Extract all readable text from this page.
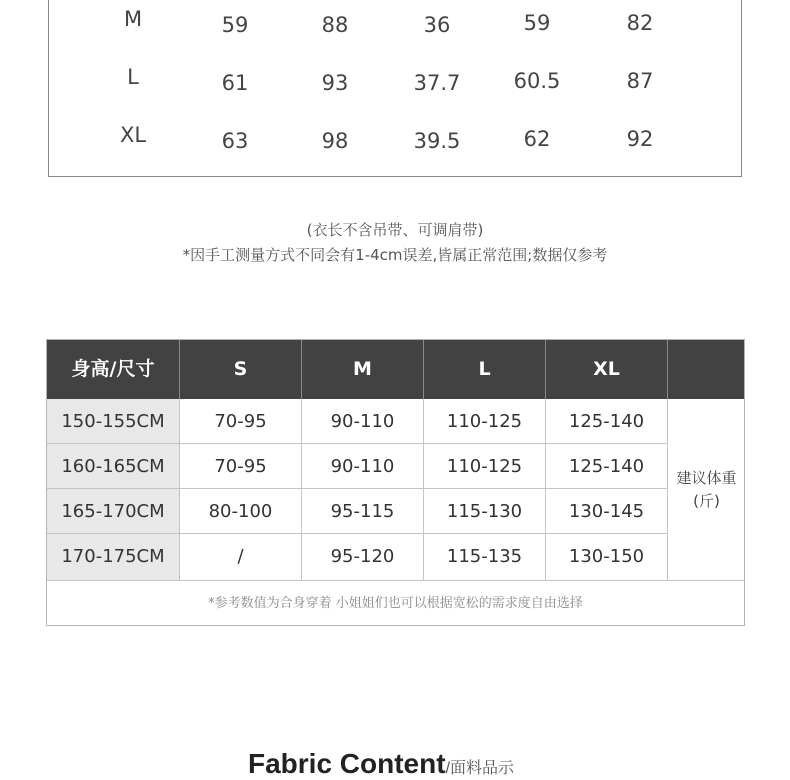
M	59	88	36	59	82
L	61	93	37.7	60.5	87
XL	63	98	39.5	62	92
(衣长不含吊带、可调肩带)
*因手工测量方式不同会有1-4cm误差,皆属正常范围;数据仅参考
身高/尺寸	S	M	L	XL
150-155CM	70-95	90-110	110-125	125-140
160-165CM	70-95	90-110	110-125	125-140
165-170CM	80-100	95-115	115-130	130-145
170-175CM	/	95-120	115-135	130-150
建议体重
(斤)
*参考数值为合身穿着 小姐姐们也可以根据宽松的需求度自由选择
Fabric Content/面料品示
